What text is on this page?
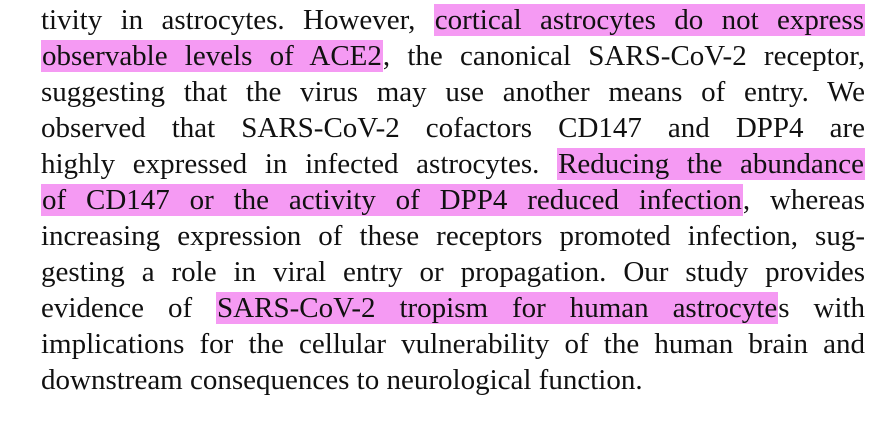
tivity in astrocytes. However, cortical astrocytes do not express
observable levels of ACE2, the canonical SARS-CoV-2 receptor,
suggesting that the virus may use another means of entry. We
observed that SARS-CoV-2 cofactors CD147 and DPP4 are
highly expressed in infected astrocytes. Reducing the abundance
of CD147 or the activity of DPP4 reduced infection, whereas
increasing expression of these receptors promoted infection, sug-
gesting a role in viral entry or propagation. Our study provides
evidence of SARS-CoV-2 tropism for human astrocytes with
implications for the cellular vulnerability of the human brain and
downstream consequences to neurological function.
